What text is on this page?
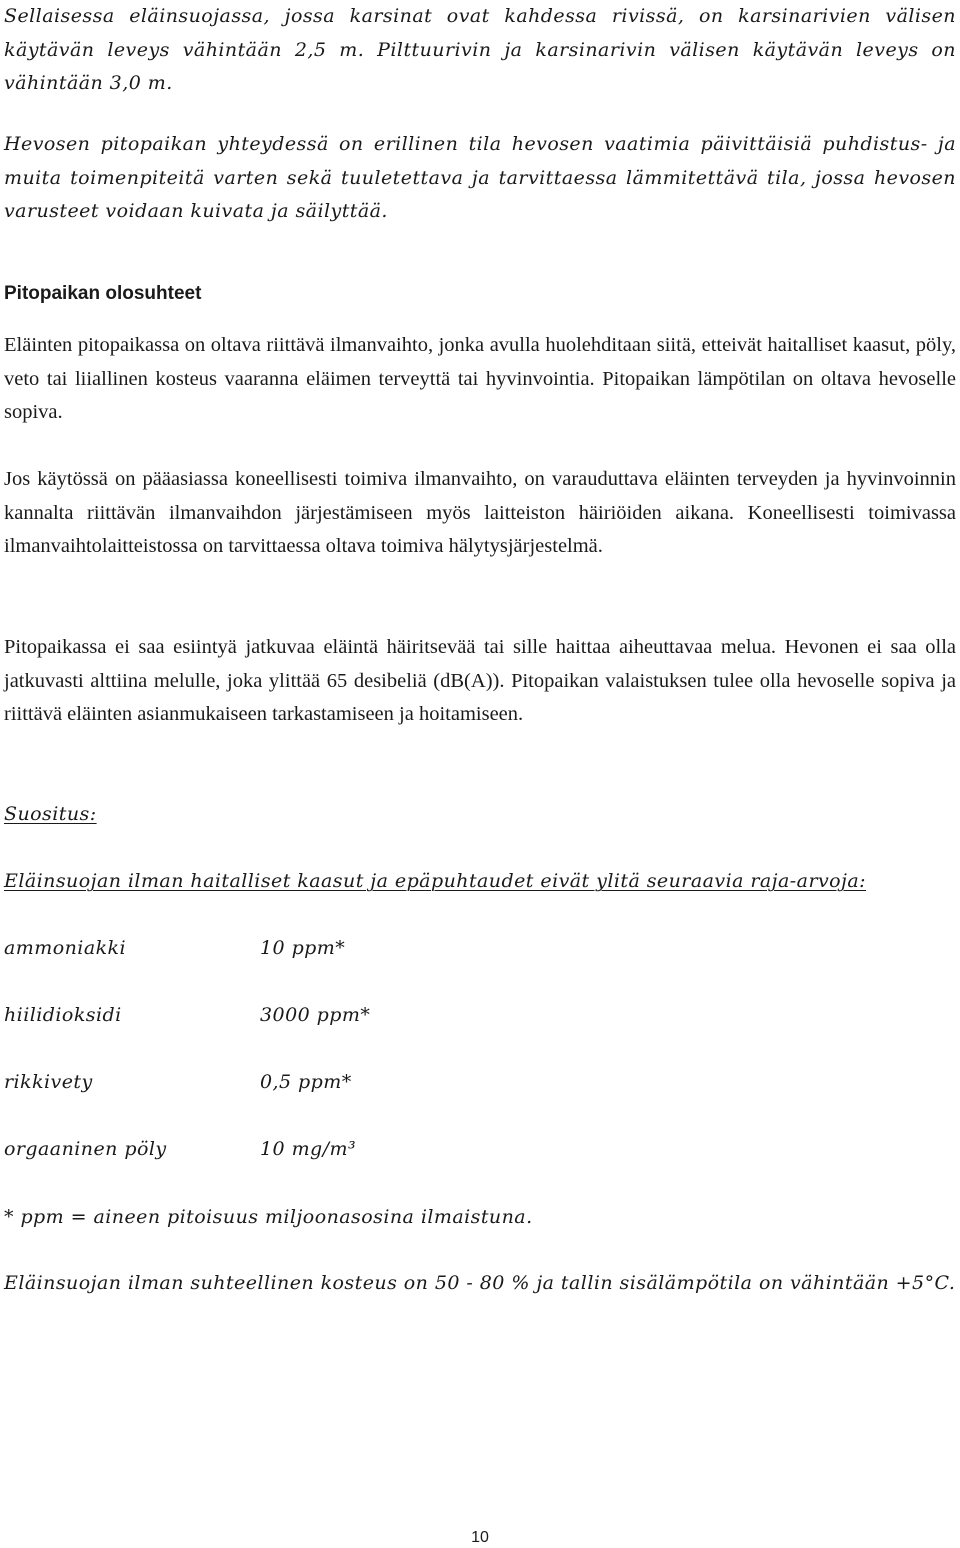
Sellaisessa eläinsuojassa, jossa karsinat ovat kahdessa rivissä, on karsinarivien välisen käytävän leveys vähintään 2,5 m. Pilttuurivin ja karsinarivin välisen käytävän leveys on vähintään 3,0 m.

Hevosen pitopaikan yhteydessä on erillinen tila hevosen vaatimia päivittäisiä puhdistus- ja muita toimenpiteitä varten sekä tuuletettava ja tarvittaessa lämmitettävä tila, jossa hevosen varusteet voidaan kuivata ja säilyttää.

Pitopaikan olosuhteet

Eläinten pitopaikassa on oltava riittävä ilmanvaihto, jonka avulla huolehditaan siitä, etteivät haitalliset kaasut, pöly, veto tai liiallinen kosteus vaaranna eläimen terveyttä tai hyvinvointia. Pitopaikan lämpötilan on oltava hevoselle sopiva.

Jos käytössä on pääasiassa koneellisesti toimiva ilmanvaihto, on varauduttava eläinten terveyden ja hyvinvoinnin kannalta riittävän ilmanvaihdon järjestämiseen myös laitteiston häiriöiden aikana. Koneellisesti toimivassa ilmanvaihtolaitteistossa on tarvittaessa oltava toimiva hälytysjärjestelmä.

Pitopaikassa ei saa esiintyä jatkuvaa eläintä häiritsevää tai sille haittaa aiheuttavaa melua. Hevonen ei saa olla jatkuvasti alttiina melulle, joka ylittää 65 desibeliä (dB(A)). Pitopaikan valaistuksen tulee olla hevoselle sopiva ja riittävä eläinten asianmukaiseen tarkastamiseen ja hoitamiseen.

Suositus:

Eläinsuojan ilman haitalliset kaasut ja epäpuhtaudet eivät ylitä seuraavia raja-arvoja:

ammoniakki	10 ppm*
hiilidioksidi	3000 ppm*
rikkivety	0,5 ppm*
orgaaninen pöly	10 mg/m³

* ppm = aineen pitoisuus miljoonasosina ilmaistuna.

Eläinsuojan ilman suhteellinen kosteus on 50 - 80 % ja tallin sisälämpötila on vähintään +5°C.

10
